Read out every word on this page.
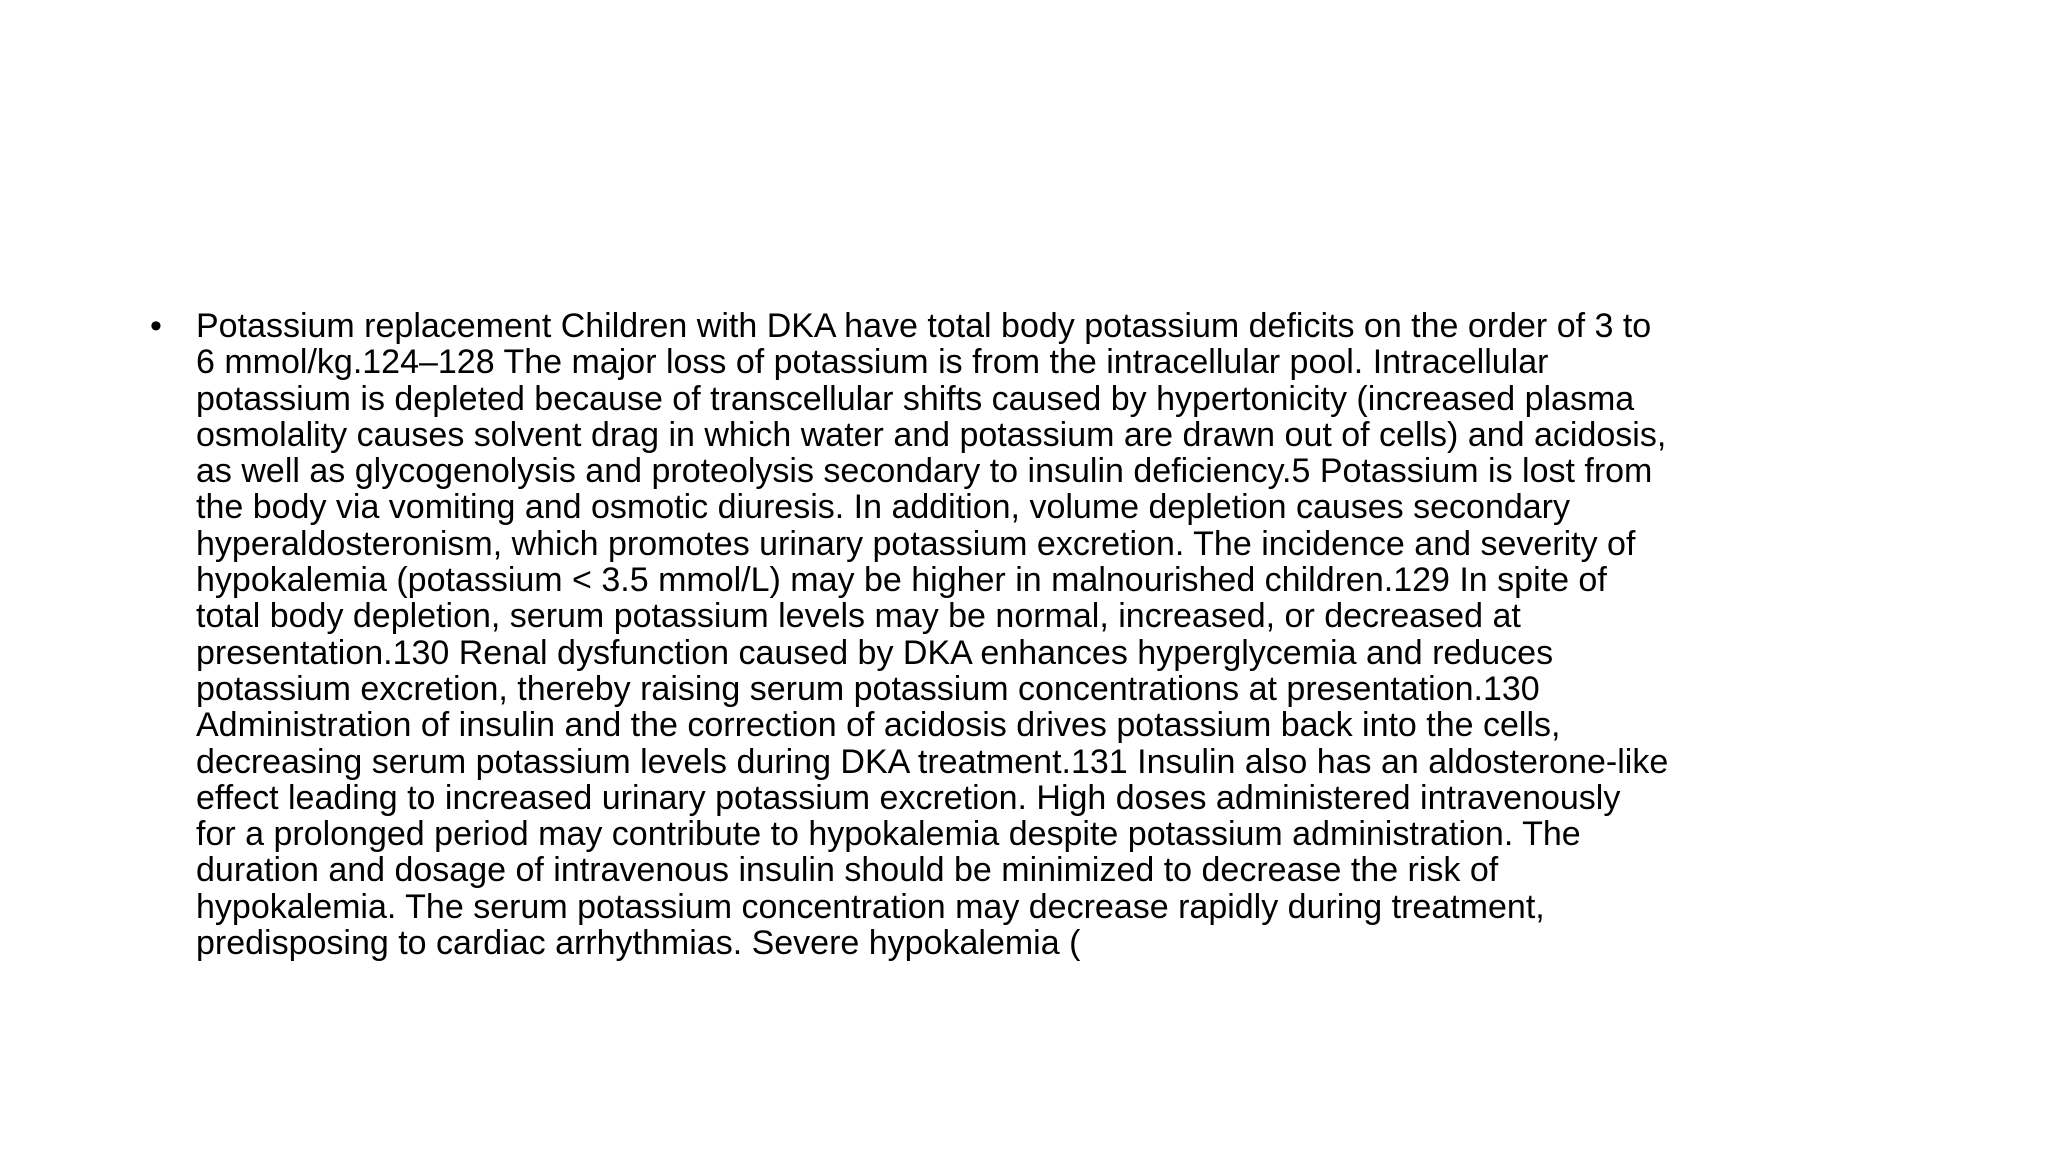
• Potassium replacement Children with DKA have total body potassium deficits on the order of 3 to
6 mmol/kg.124–128 The major loss of potassium is from the intracellular pool. Intracellular
potassium is depleted because of transcellular shifts caused by hypertonicity (increased plasma
osmolality causes solvent drag in which water and potassium are drawn out of cells) and acidosis,
as well as glycogenolysis and proteolysis secondary to insulin deficiency.5 Potassium is lost from
the body via vomiting and osmotic diuresis. In addition, volume depletion causes secondary
hyperaldosteronism, which promotes urinary potassium excretion. The incidence and severity of
hypokalemia (potassium < 3.5 mmol/L) may be higher in malnourished children.129 In spite of
total body depletion, serum potassium levels may be normal, increased, or decreased at
presentation.130 Renal dysfunction caused by DKA enhances hyperglycemia and reduces
potassium excretion, thereby raising serum potassium concentrations at presentation.130
Administration of insulin and the correction of acidosis drives potassium back into the cells,
decreasing serum potassium levels during DKA treatment.131 Insulin also has an aldosterone-like
effect leading to increased urinary potassium excretion. High doses administered intravenously
for a prolonged period may contribute to hypokalemia despite potassium administration. The
duration and dosage of intravenous insulin should be minimized to decrease the risk of
hypokalemia. The serum potassium concentration may decrease rapidly during treatment,
predisposing to cardiac arrhythmias. Severe hypokalemia (
